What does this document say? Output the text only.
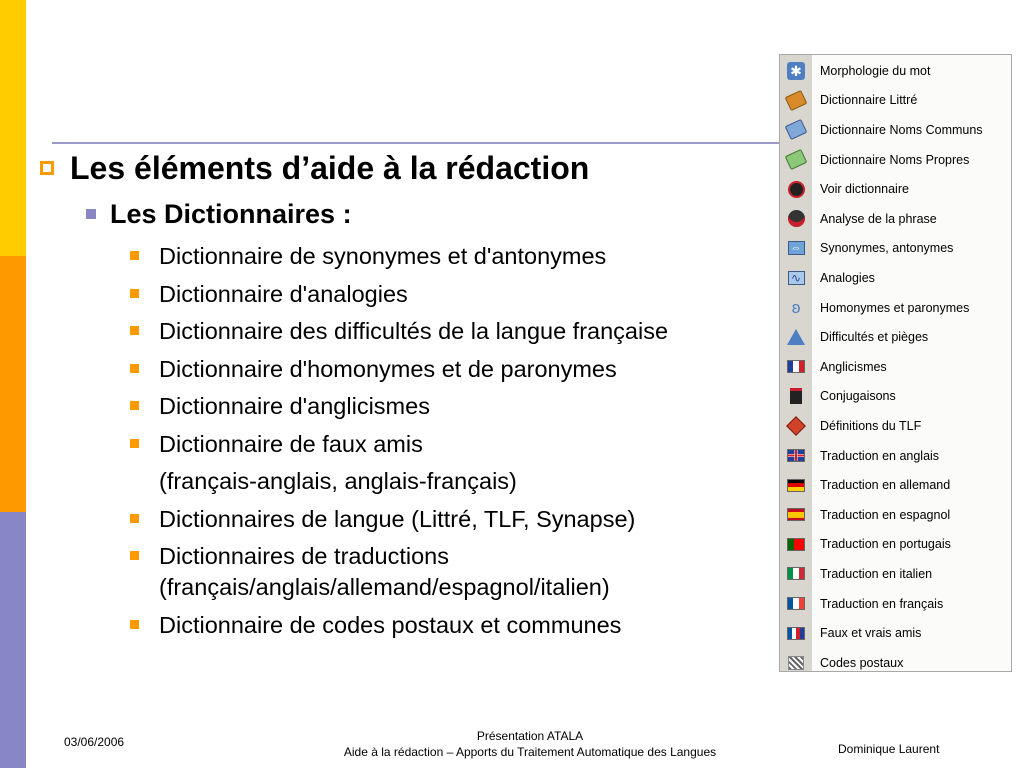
Les éléments d’aide à la rédaction
Les Dictionnaires :
Dictionnaire de synonymes et d'antonymes
Dictionnaire d'analogies
Dictionnaire des difficultés de la langue française
Dictionnaire d'homonymes et de paronymes
Dictionnaire d'anglicismes
Dictionnaire de faux amis
(français-anglais, anglais-français)
Dictionnaires de langue (Littré, TLF, Synapse)
Dictionnaires de traductions
(français/anglais/allemand/espagnol/italien)
Dictionnaire de codes postaux et communes
✱ Morphologie du mot
Dictionnaire Littré
Dictionnaire Noms Communs
Dictionnaire Noms Propres
Voir dictionnaire
Analyse de la phrase
⇔ Synonymes, antonymes
∿ Analogies
ʚ Homonymes et paronymes
Difficultés et pièges
Anglicismes
Conjugaisons
Définitions du TLF
Traduction en anglais
Traduction en allemand
Traduction en espagnol
Traduction en portugais
Traduction en italien
Traduction en français
Faux et vrais amis
Codes postaux
03/06/2006	Présentation ATALA
Aide à la rédaction – Apports du Traitement Automatique des Langues	Dominique Laurent
